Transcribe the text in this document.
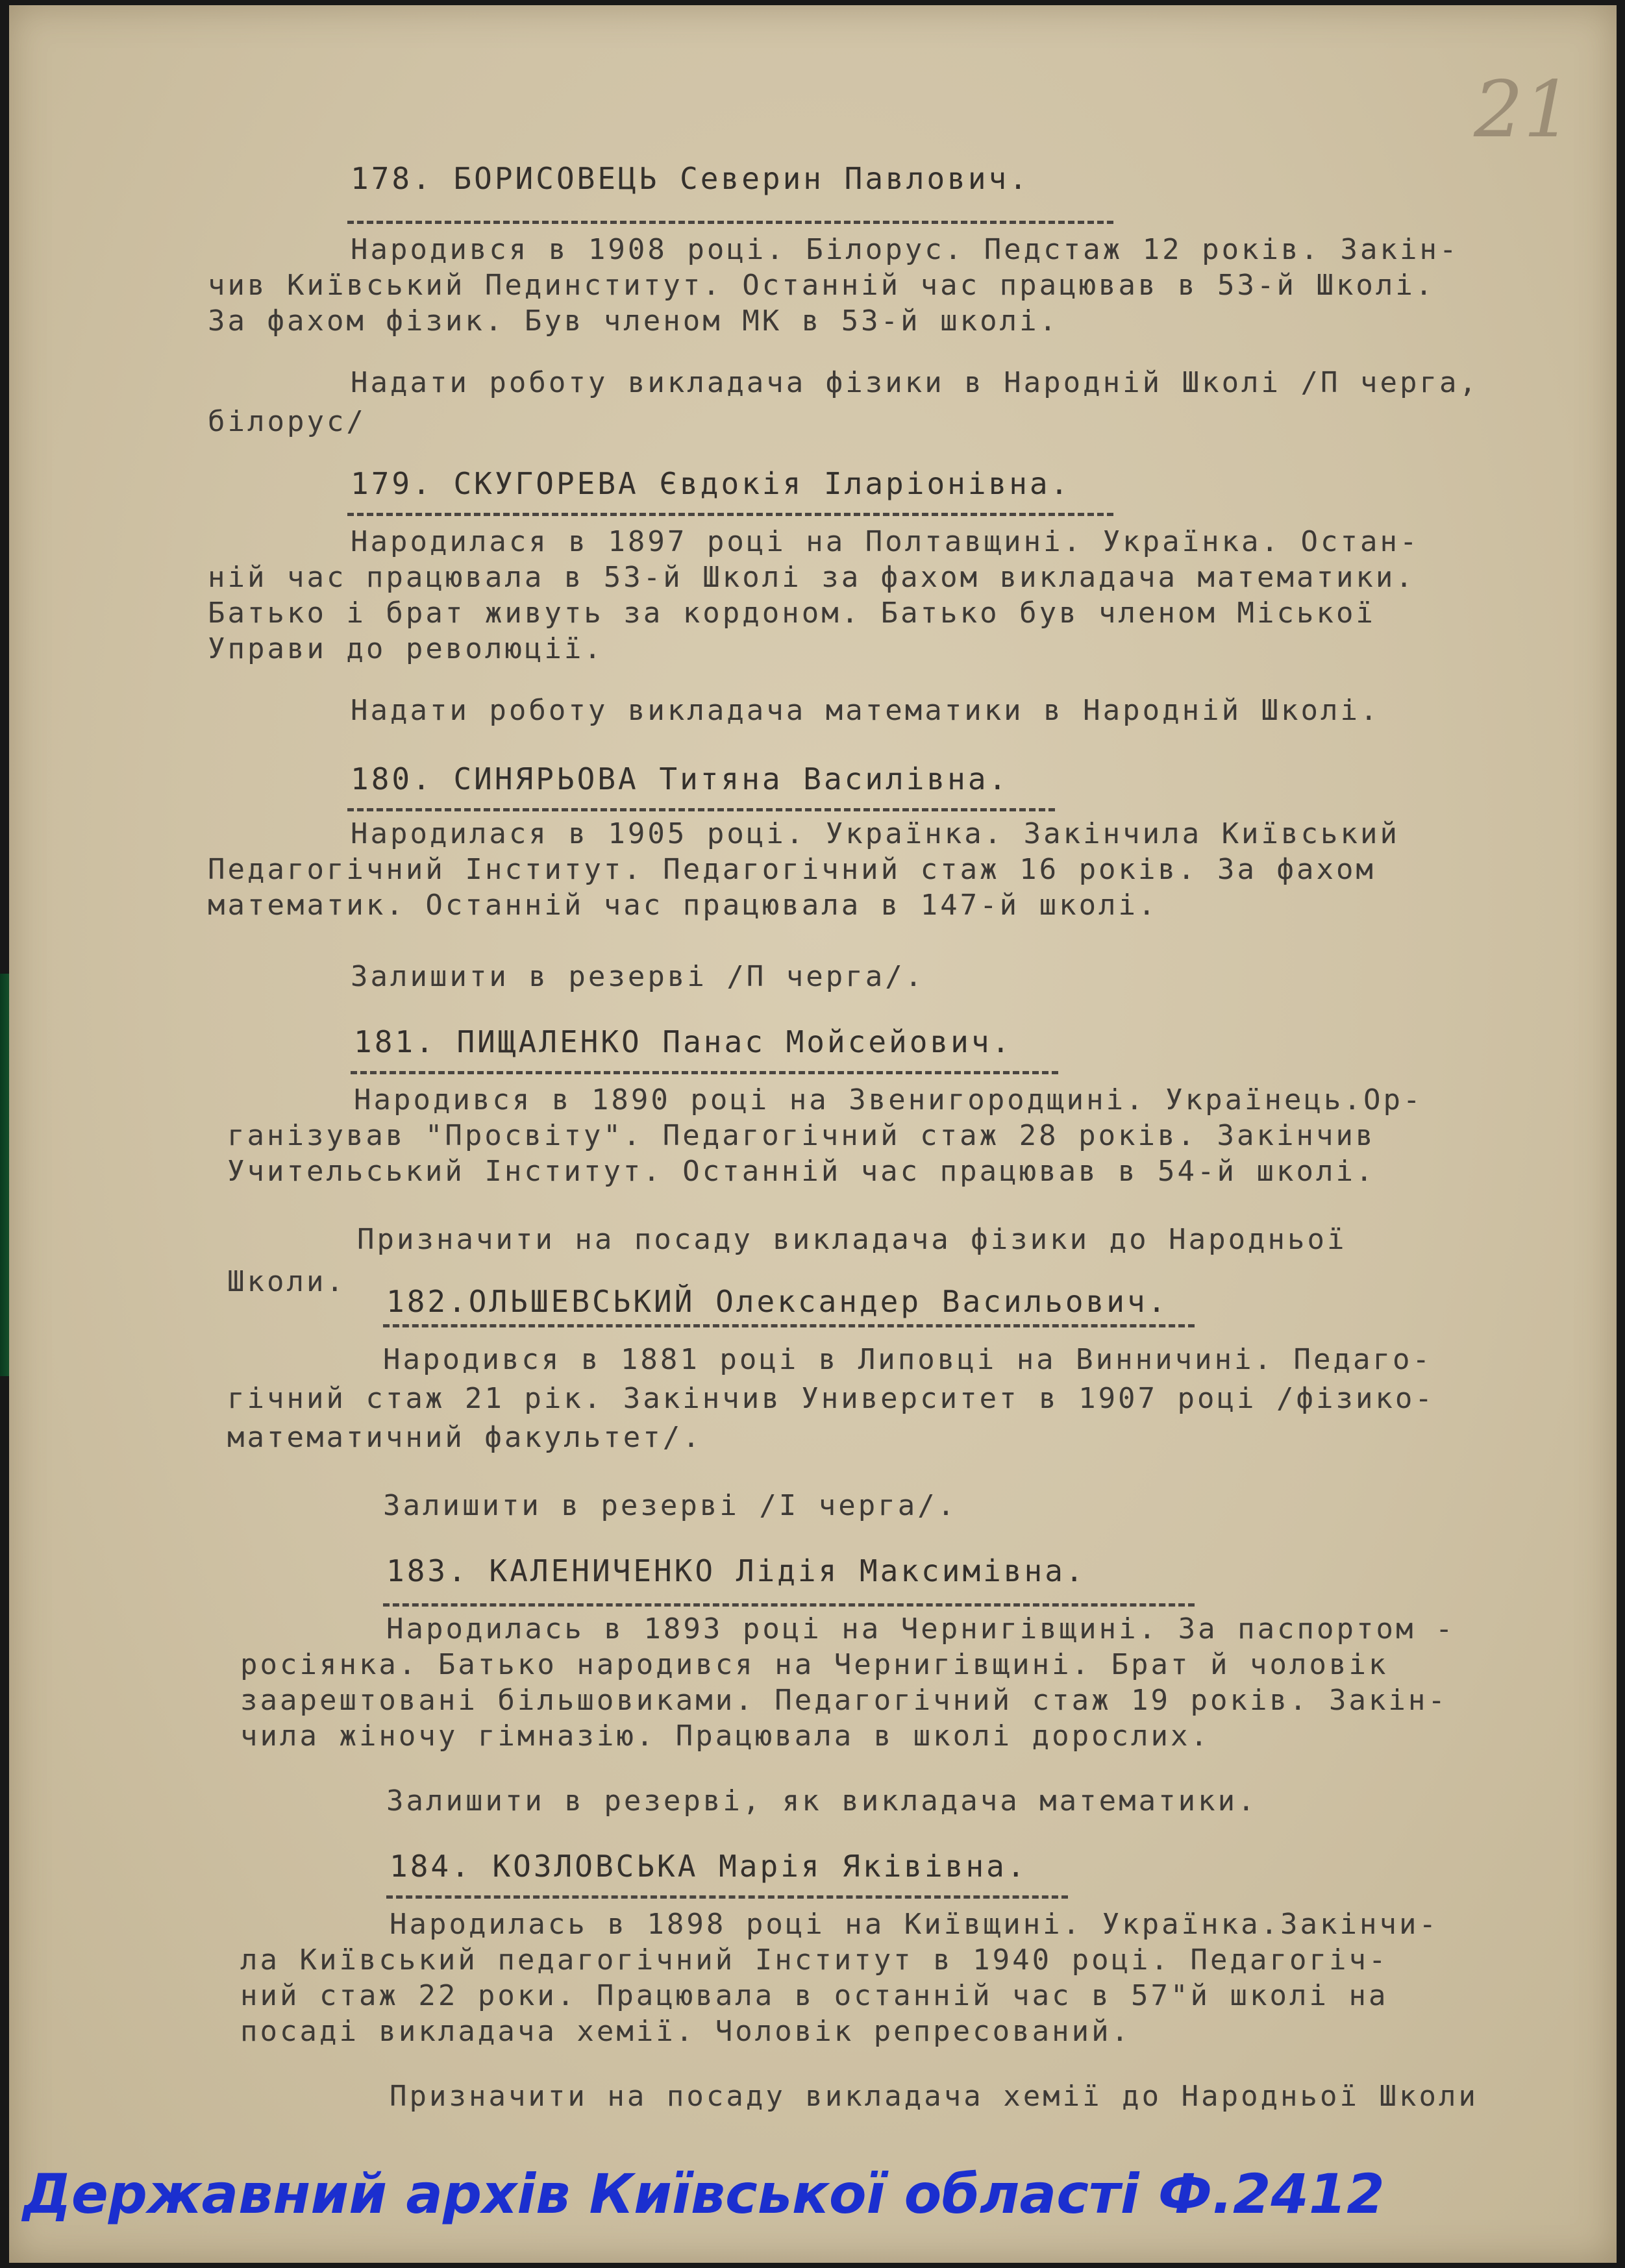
21
178. БОРИСОВЕЦЬ Северин Павлович.
Народився в 1908 році. Білорус. Педстаж 12 років. Закін-
чив Київський Пединститут. Останній час працював в 53-й Школі.
За фахом фізик. Був членом МК в 53-й школі.
Надати роботу викладача фізики в Народній Школі /П черга,
білорус/
179. СКУГОРЕВА Євдокія Іларіонівна.
Народилася в 1897 році на Полтавщині. Українка. Остан-
ній час працювала в 53-й Школі за фахом викладача математики.
Батько і брат живуть за кордоном. Батько був членом Міської
Управи до революції.
Надати роботу викладача математики в Народній Школі.
180. СИНЯРЬОВА Титяна Василівна.
Народилася в 1905 році. Українка. Закінчила Київський
Педагогічний Інститут. Педагогічний стаж 16 років. За фахом
математик. Останній час працювала в 147-й школі.
Залишити в резерві /П черга/.
181. ПИЩАЛЕНКО Панас Мойсейович.
Народився в 1890 році на Звенигородщині. Українець.Ор-
ганізував "Просвіту". Педагогічний стаж 28 років. Закінчив
Учительський Інститут. Останній час працював в 54-й школі.
Призначити на посаду викладача фізики до Народньої
Школи.
182.ОЛЬШЕВСЬКИЙ Олександер Васильович.
Народився в 1881 році в Липовці на Винничині. Педаго-
гічний стаж 21 рік. Закінчив Университет в 1907 році /фізико-
математичний факультет/.
Залишити в резерві /І черга/.
183. КАЛЕНИЧЕНКО Лідія Максимівна.
Народилась в 1893 році на Чернигівщині. За паспортом -
росіянка. Батько народився на Чернигівщині. Брат й чоловік
заарештовані більшовиками. Педагогічний стаж 19 років. Закін-
чила жіночу гімназію. Працювала в школі дорослих.
Залишити в резерві, як викладача математики.
184. КОЗЛОВСЬКА Марія Яківівна.
Народилась в 1898 році на Київщині. Українка.Закінчи-
ла Київський педагогічний Інститут в 1940 році. Педагогіч-
ний стаж 22 роки. Працювала в останній час в 57"й школі на
посаді викладача хемії. Чоловік репресований.
Призначити на посаду викладача хемії до Народньої Школи
Державний архів Київської області Ф.2412
